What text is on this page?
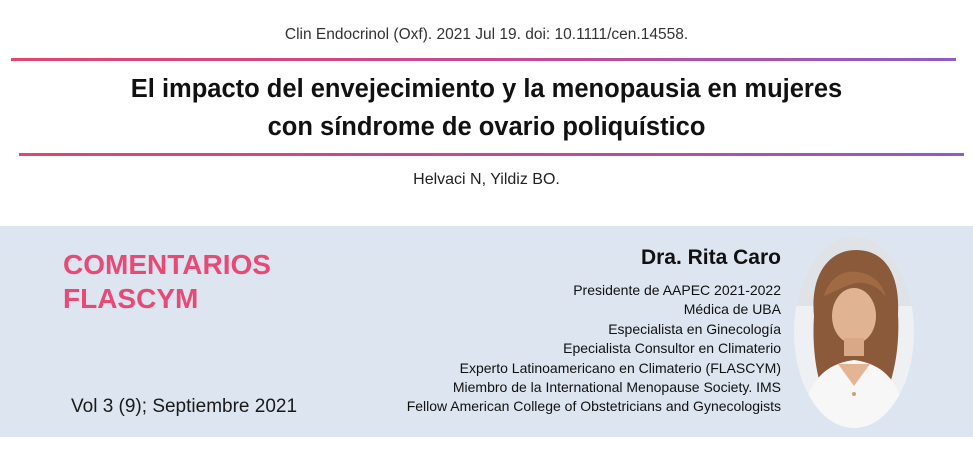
Clin Endocrinol (Oxf). 2021 Jul 19. doi: 10.1111/cen.14558.
El impacto del envejecimiento y la menopausia en mujeres
con síndrome de ovario poliquístico
Helvaci N, Yildiz BO.
COMENTARIOS
FLASCYM
Vol 3 (9); Septiembre 2021
Dra. Rita Caro
Presidente de AAPEC 2021-2022
Médica de UBA
Especialista en Ginecología
Epecialista Consultor en Climaterio
Experto Latinoamericano en Climaterio (FLASCYM)
Miembro de la International Menopause Society. IMS
Fellow American College of Obstetricians and Gynecologists
